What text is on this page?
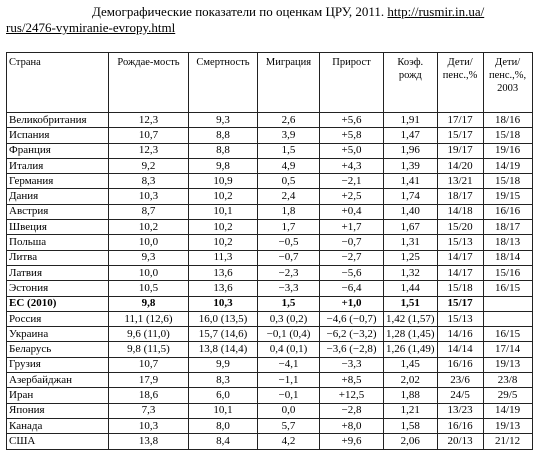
Демографические показатели по оценкам ЦРУ, 2011. http://rusmir.in.ua/
rus/2476-vymiranie-evropy.html
Страна	Рождае-мость	Смертность	Миграция	Прирост	Коэф. рожд	Дети/ пенс.,%	Дети/ пенс.,%, 2003
Великобритания	12,3	9,3	2,6	+5,6	1,91	17/17	18/16
Испания	10,7	8,8	3,9	+5,8	1,47	15/17	15/18
Франция	12,3	8,8	1,5	+5,0	1,96	19/17	19/16
Италия	9,2	9,8	4,9	+4,3	1,39	14/20	14/19
Германия	8,3	10,9	0,5	−2,1	1,41	13/21	15/18
Дания	10,3	10,2	2,4	+2,5	1,74	18/17	19/15
Австрия	8,7	10,1	1,8	+0,4	1,40	14/18	16/16
Швеция	10,2	10,2	1,7	+1,7	1,67	15/20	18/17
Польша	10,0	10,2	−0,5	−0,7	1,31	15/13	18/13
Литва	9,3	11,3	−0,7	−2,7	1,25	14/17	18/14
Латвия	10,0	13,6	−2,3	−5,6	1,32	14/17	15/16
Эстония	10,5	13,6	−3,3	−6,4	1,44	15/18	16/15
ЕС (2010)	9,8	10,3	1,5	+1,0	1,51	15/17	
Россия	11,1 (12,6)	16,0 (13,5)	0,3 (0,2)	−4,6 (−0,7)	1,42 (1,57)	15/13	
Украина	9,6 (11,0)	15,7 (14,6)	−0,1 (0,4)	−6,2 (−3,2)	1,28 (1,45)	14/16	16/15
Беларусь	9,8 (11,5)	13,8 (14,4)	0,4 (0,1)	−3,6 (−2,8)	1,26 (1,49)	14/14	17/14
Грузия	10,7	9,9	−4,1	−3,3	1,45	16/16	19/13
Азербайджан	17,9	8,3	−1,1	+8,5	2,02	23/6	23/8
Иран	18,6	6,0	−0,1	+12,5	1,88	24/5	29/5
Япония	7,3	10,1	0,0	−2,8	1,21	13/23	14/19
Канада	10,3	8,0	5,7	+8,0	1,58	16/16	19/13
США	13,8	8,4	4,2	+9,6	2,06	20/13	21/12
